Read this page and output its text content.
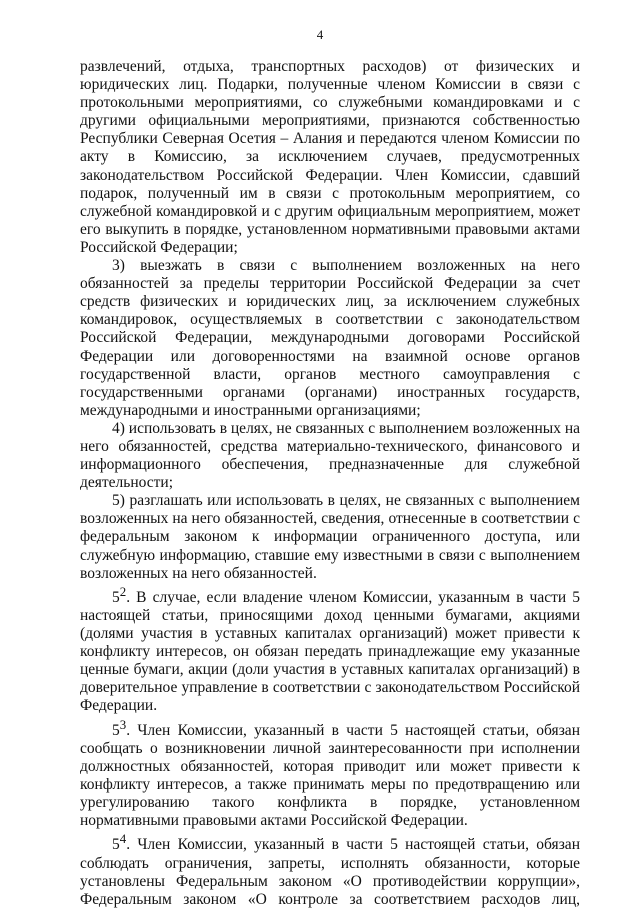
4

развлечений, отдыха, транспортных расходов) от физических и юридических лиц. Подарки, полученные членом Комиссии в связи с протокольными мероприятиями, со служебными командировками и с другими официальными мероприятиями, признаются собственностью Республики Северная Осетия – Алания и передаются членом Комиссии по акту в Комиссию, за исключением случаев, предусмотренных законодательством Российской Федерации. Член Комиссии, сдавший подарок, полученный им в связи с протокольным мероприятием, со служебной командировкой и с другим официальным мероприятием, может его выкупить в порядке, установленном нормативными правовыми актами Российской Федерации;

3) выезжать в связи с выполнением возложенных на него обязанностей за пределы территории Российской Федерации за счет средств физических и юридических лиц, за исключением служебных командировок, осуществляемых в соответствии с законодательством Российской Федерации, международными договорами Российской Федерации или договоренностями на взаимной основе органов государственной власти, органов местного самоуправления с государственными органами (органами) иностранных государств, международными и иностранными организациями;

4) использовать в целях, не связанных с выполнением возложенных на него обязанностей, средства материально-технического, финансового и информационного обеспечения, предназначенные для служебной деятельности;

5) разглашать или использовать в целях, не связанных с выполнением возложенных на него обязанностей, сведения, отнесенные в соответствии с федеральным законом к информации ограниченного доступа, или служебную информацию, ставшие ему известными в связи с выполнением возложенных на него обязанностей.

$5^2$. В случае, если владение членом Комиссии, указанным в части 5 настоящей статьи, приносящими доход ценными бумагами, акциями (долями участия в уставных капиталах организаций) может привести к конфликту интересов, он обязан передать принадлежащие ему указанные ценные бумаги, акции (доли участия в уставных капиталах организаций) в доверительное управление в соответствии с законодательством Российской Федерации.

$5^3$. Член Комиссии, указанный в части 5 настоящей статьи, обязан сообщать о возникновении личной заинтересованности при исполнении должностных обязанностей, которая приводит или может привести к конфликту интересов, а также принимать меры по предотвращению или урегулированию такого конфликта в порядке, установленном нормативными правовыми актами Российской Федерации.

$5^4$. Член Комиссии, указанный в части 5 настоящей статьи, обязан соблюдать ограничения, запреты, исполнять обязанности, которые установлены Федеральным законом «О противодействии коррупции», Федеральным законом «О контроле за соответствием расходов лиц,
